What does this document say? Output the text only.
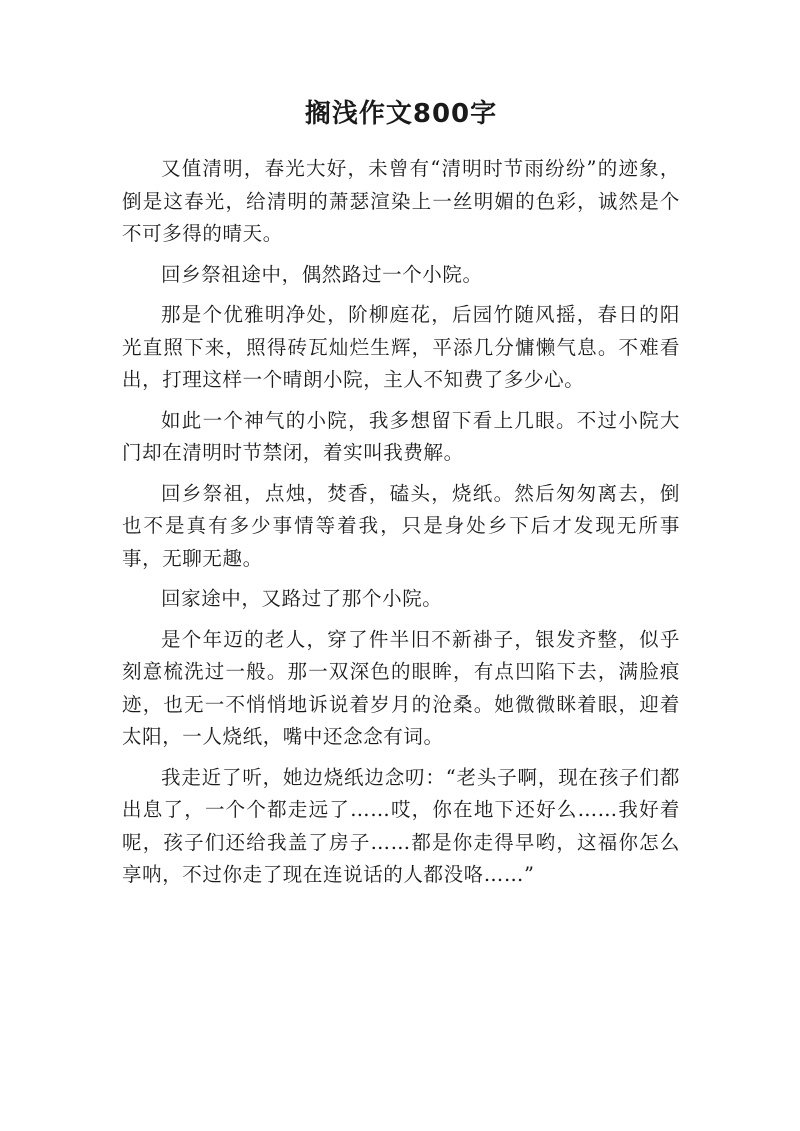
搁浅作文800字

又值清明，春光大好，未曾有“清明时节雨纷纷”的迹象，倒是这春光，给清明的萧瑟渲染上一丝明媚的色彩，诚然是个不可多得的晴天。

回乡祭祖途中，偶然路过一个小院。

那是个优雅明净处，阶柳庭花，后园竹随风摇，春日的阳光直照下来，照得砖瓦灿烂生辉，平添几分慵懒气息。不难看出，打理这样一个晴朗小院，主人不知费了多少心。

如此一个神气的小院，我多想留下看上几眼。不过小院大门却在清明时节禁闭，着实叫我费解。

回乡祭祖，点烛，焚香，磕头，烧纸。然后匆匆离去，倒也不是真有多少事情等着我，只是身处乡下后才发现无所事事，无聊无趣。

回家途中，又路过了那个小院。

是个年迈的老人，穿了件半旧不新褂子，银发齐整，似乎刻意梳洗过一般。那一双深色的眼眸，有点凹陷下去，满脸痕迹，也无一不悄悄地诉说着岁月的沧桑。她微微眯着眼，迎着太阳，一人烧纸，嘴中还念念有词。

我走近了听，她边烧纸边念叨：“老头子啊，现在孩子们都出息了，一个个都走远了……哎，你在地下还好么……我好着呢，孩子们还给我盖了房子……都是你走得早哟，这福你怎么享呐，不过你走了现在连说话的人都没咯……”
